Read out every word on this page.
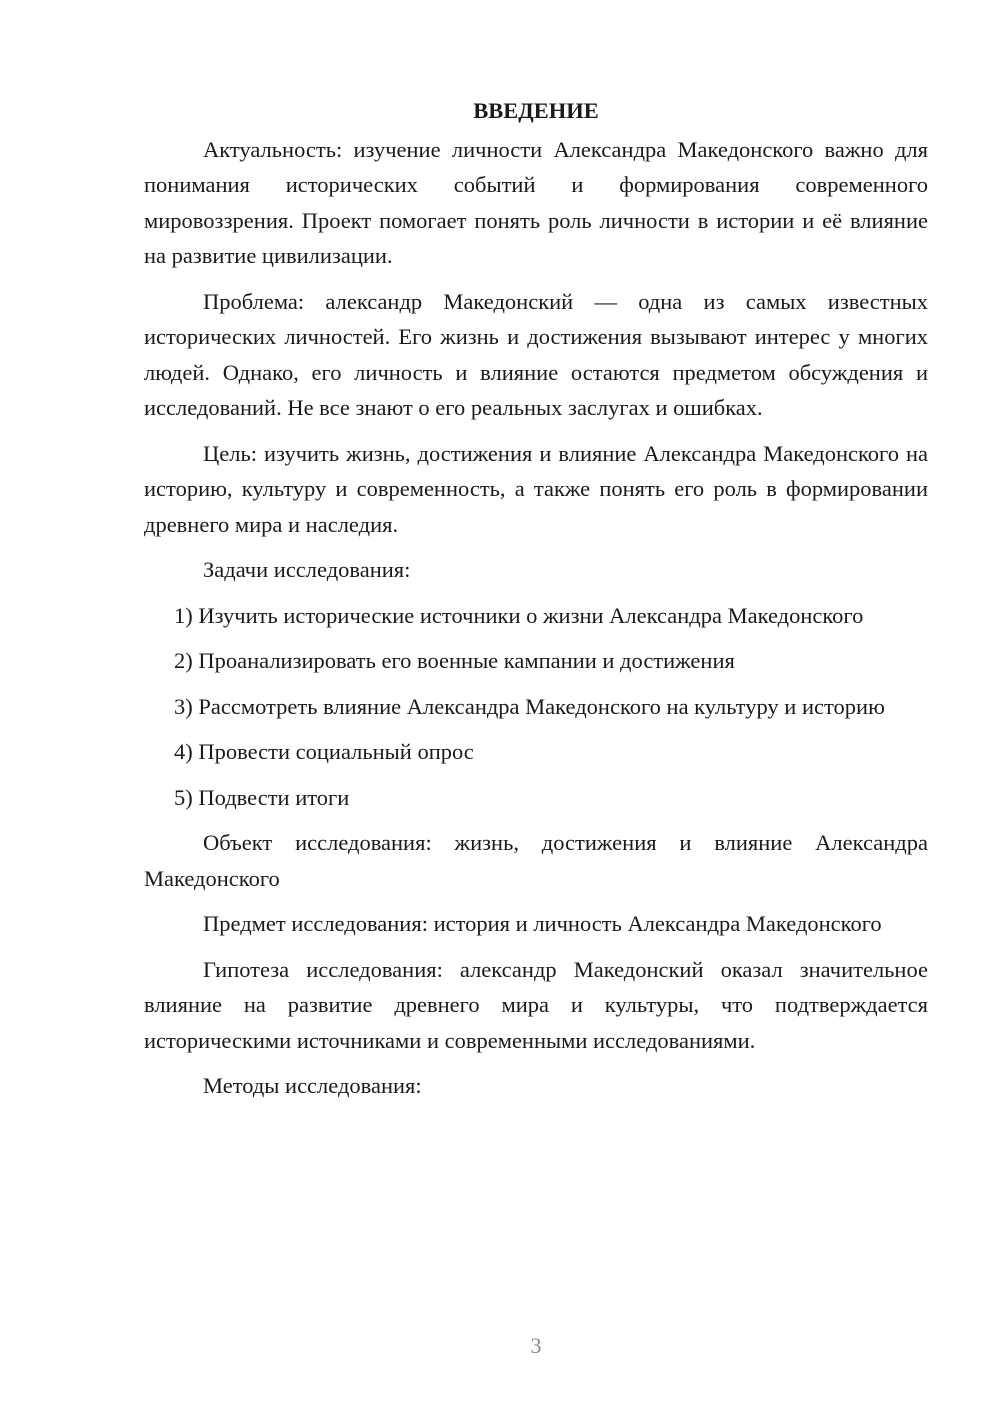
ВВЕДЕНИЕ

Актуальность: изучение личности Александра Македонского важно для понимания исторических событий и формирования современного мировоззрения. Проект помогает понять роль личности в истории и её влияние на развитие цивилизации.

Проблема: александр Македонский — одна из самых известных исторических личностей. Его жизнь и достижения вызывают интерес у многих людей. Однако, его личность и влияние остаются предметом обсуждения и исследований. Не все знают о его реальных заслугах и ошибках.

Цель: изучить жизнь, достижения и влияние Александра Македонского на историю, культуру и современность, а также понять его роль в формировании древнего мира и наследия.

Задачи исследования:

1) Изучить исторические источники о жизни Александра Македонского

2) Проанализировать его военные кампании и достижения

3) Рассмотреть влияние Александра Македонского на культуру и историю

4) Провести социальный опрос

5) Подвести итоги

Объект исследования: жизнь, достижения и влияние Александра Македонского

Предмет исследования: история и личность Александра Македонского

Гипотеза исследования: александр Македонский оказал значительное влияние на развитие древнего мира и культуры, что подтверждается историческими источниками и современными исследованиями.

Методы исследования:

3
